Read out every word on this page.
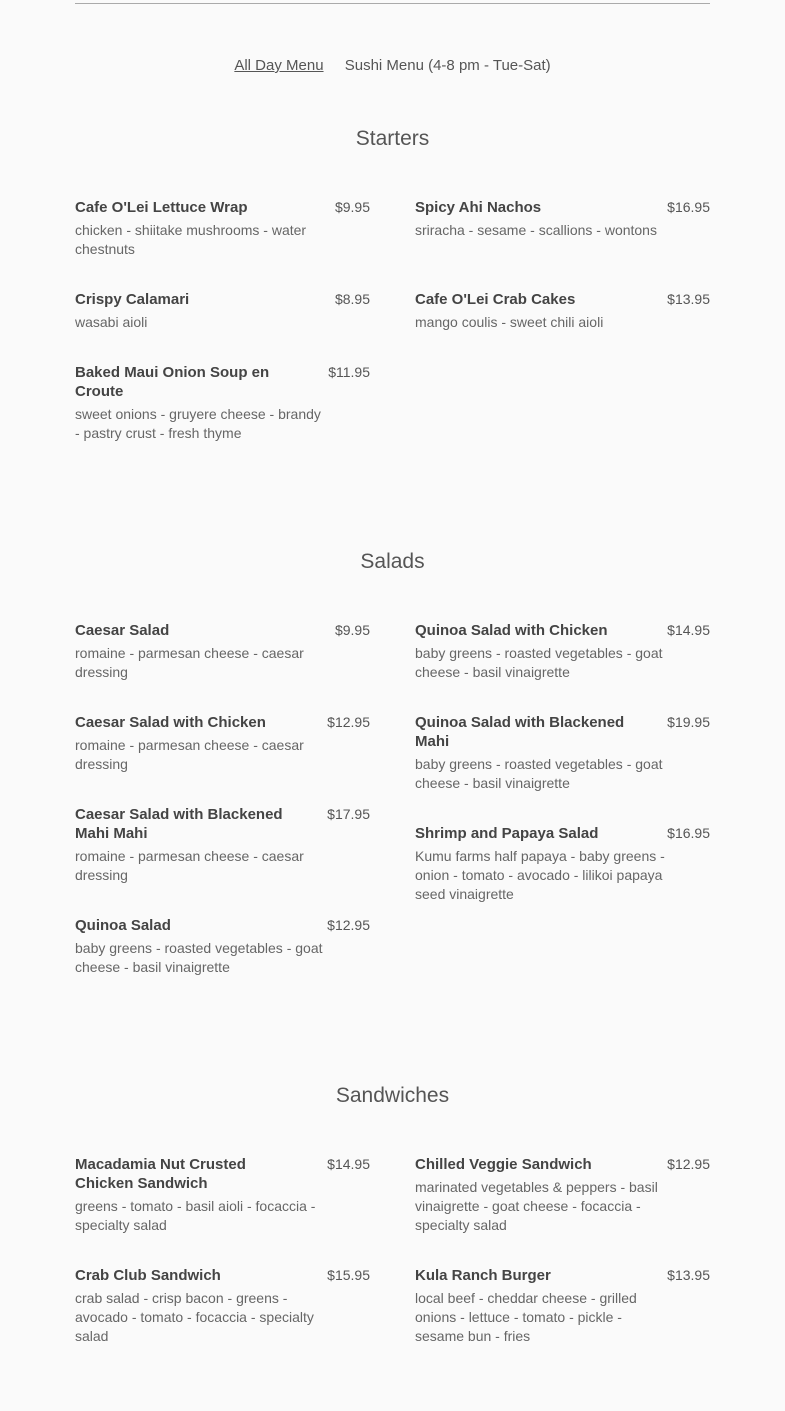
All Day Menu Sushi Menu (4-8 pm - Tue-Sat)
Starters
Cafe O'Lei Lettuce Wrap	$9.95
chicken - shiitake mushrooms - water chestnuts
Crispy Calamari	$8.95
wasabi aioli
Baked Maui Onion Soup en Croute
$11.95
sweet onions - gruyere cheese - brandy - pastry crust - fresh thyme
Spicy Ahi Nachos	$16.95
sriracha - sesame - scallions - wontons
Cafe O'Lei Crab Cakes	$13.95
mango coulis - sweet chili aioli
Salads
Caesar Salad	$9.95
romaine - parmesan cheese - caesar dressing
Caesar Salad with Chicken	$12.95
romaine - parmesan cheese - caesar dressing
Caesar Salad with Blackened Mahi Mahi
$17.95
romaine - parmesan cheese - caesar dressing
Quinoa Salad	$12.95
baby greens - roasted vegetables - goat cheese - basil vinaigrette
Quinoa Salad with Chicken	$14.95
baby greens - roasted vegetables - goat cheese - basil vinaigrette
Quinoa Salad with Blackened Mahi
$19.95
baby greens - roasted vegetables - goat cheese - basil vinaigrette
Shrimp and Papaya Salad	$16.95
Kumu farms half papaya - baby greens - onion - tomato - avocado - lilikoi papaya seed vinaigrette
Sandwiches
Macadamia Nut Crusted Chicken Sandwich
$14.95
greens - tomato - basil aioli - focaccia - specialty salad
Crab Club Sandwich	$15.95
crab salad - crisp bacon - greens - avocado - tomato - focaccia - specialty salad
Chilled Veggie Sandwich	$12.95
marinated vegetables & peppers - basil vinaigrette - goat cheese - focaccia - specialty salad
Kula Ranch Burger	$13.95
local beef - cheddar cheese - grilled onions - lettuce - tomato - pickle - sesame bun - fries
